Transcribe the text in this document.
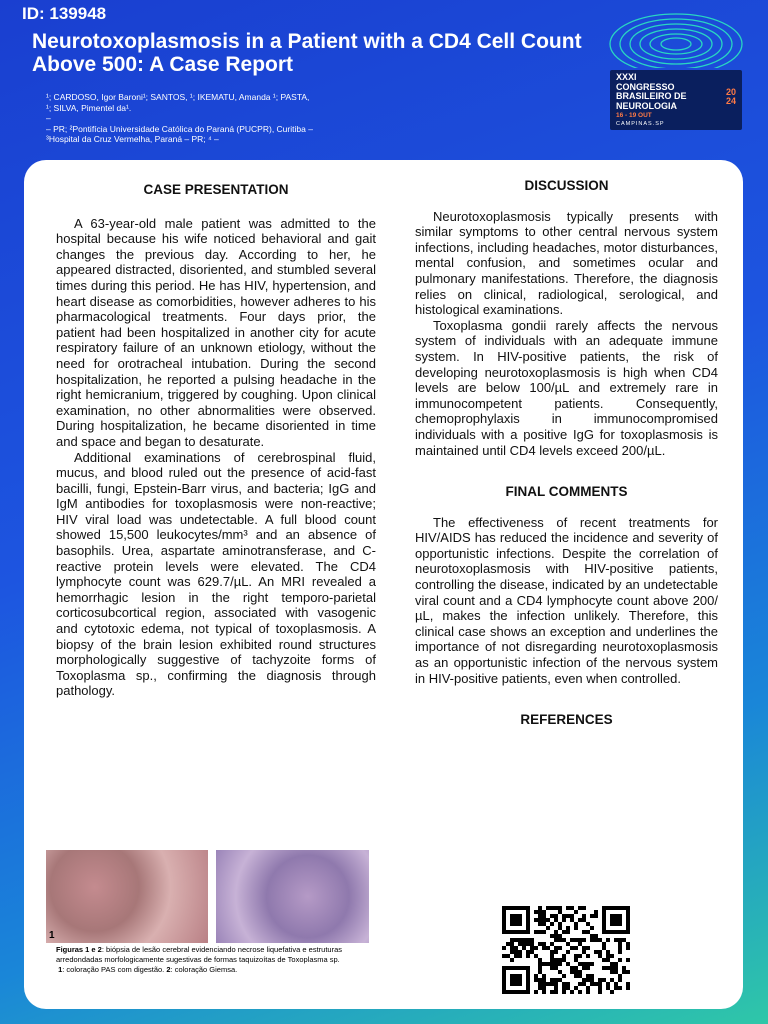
ID: 139948
Neurotoxoplasmosis in a Patient with a CD4 Cell Count Above 500: A Case Report
¹; CARDOSO, Igor Baroni¹; SANTOS, ¹; IKEMATU, Amanda ¹; PASTA,
¹; SILVA, Pimentel da¹.
–
– PR; ²Pontifícia Universidade Católica do Paraná (PUCPR), Curitiba –
³Hospital da Cruz Vermelha, Paraná – PR; ⁴ –
XXXI
CONGRESSO
BRASILEIRO DE
NEUROLOGIA
20
24
16 - 19 OUT
CAMPINAS.SP
CASE PRESENTATION

A 63-year-old male patient was admitted to the hospital because his wife noticed behavioral and gait changes the previous day. According to her, he appeared distracted, disoriented, and stumbled several times during this period. He has HIV, hypertension, and heart disease as comorbidities, however adheres to his pharmacological treatments. Four days prior, the patient had been hospitalized in another city for acute respiratory failure of an unknown etiology, without the need for orotracheal intubation. During the second hospitalization, he reported a pulsing headache in the right hemicranium, triggered by coughing. Upon clinical examination, no other abnormalities were observed. During hospitalization, he became disoriented in time and space and began to desaturate.

Additional examinations of cerebrospinal fluid, mucus, and blood ruled out the presence of acid-fast bacilli, fungi, Epstein-Barr virus, and bacteria; IgG and IgM antibodies for toxoplasmosis were non-reactive; HIV viral load was undetectable. A full blood count showed 15,500 leukocytes/mm³ and an absence of basophils. Urea, aspartate aminotransferase, and C-reactive protein levels were elevated. The CD4 lymphocyte count was 629.7/µL. An MRI revealed a hemorrhagic lesion in the right temporo-parietal corticosubcortical region, associated with vasogenic and cytotoxic edema, not typical of toxoplasmosis. A biopsy of the brain lesion exhibited round structures morphologically suggestive of tachyzoite forms of Toxoplasma sp., confirming the diagnosis through pathology.

1
Figuras 1 e 2: biópsia de lesão cerebral evidenciando necrose liquefativa e estruturas arredondadas morfologicamente sugestivas de formas taquizoítas de Toxoplasma sp.
1: coloração PAS com digestão. 2: coloração Giemsa.
DISCUSSION

Neurotoxoplasmosis typically presents with similar symptoms to other central nervous system infections, including headaches, motor disturbances, mental confusion, and sometimes ocular and pulmonary manifestations. Therefore, the diagnosis relies on clinical, radiological, serological, and histological examinations.

Toxoplasma gondii rarely affects the nervous system of individuals with an adequate immune system. In HIV-positive patients, the risk of developing neurotoxoplasmosis is high when CD4 levels are below 100/µL and extremely rare in immunocompetent patients. Consequently, chemoprophylaxis in immunocompromised individuals with a positive IgG for toxoplasmosis is maintained until CD4 levels exceed 200/µL.

FINAL COMMENTS

The effectiveness of recent treatments for HIV/AIDS has reduced the incidence and severity of opportunistic infections. Despite the correlation of neurotoxoplasmosis with HIV-positive patients, controlling the disease, indicated by an undetectable viral count and a CD4 lymphocyte count above 200/µL, makes the infection unlikely. Therefore, this clinical case shows an exception and underlines the importance of not disregarding neurotoxoplasmosis as an opportunistic infection of the nervous system in HIV-positive patients, even when controlled.

REFERENCES
